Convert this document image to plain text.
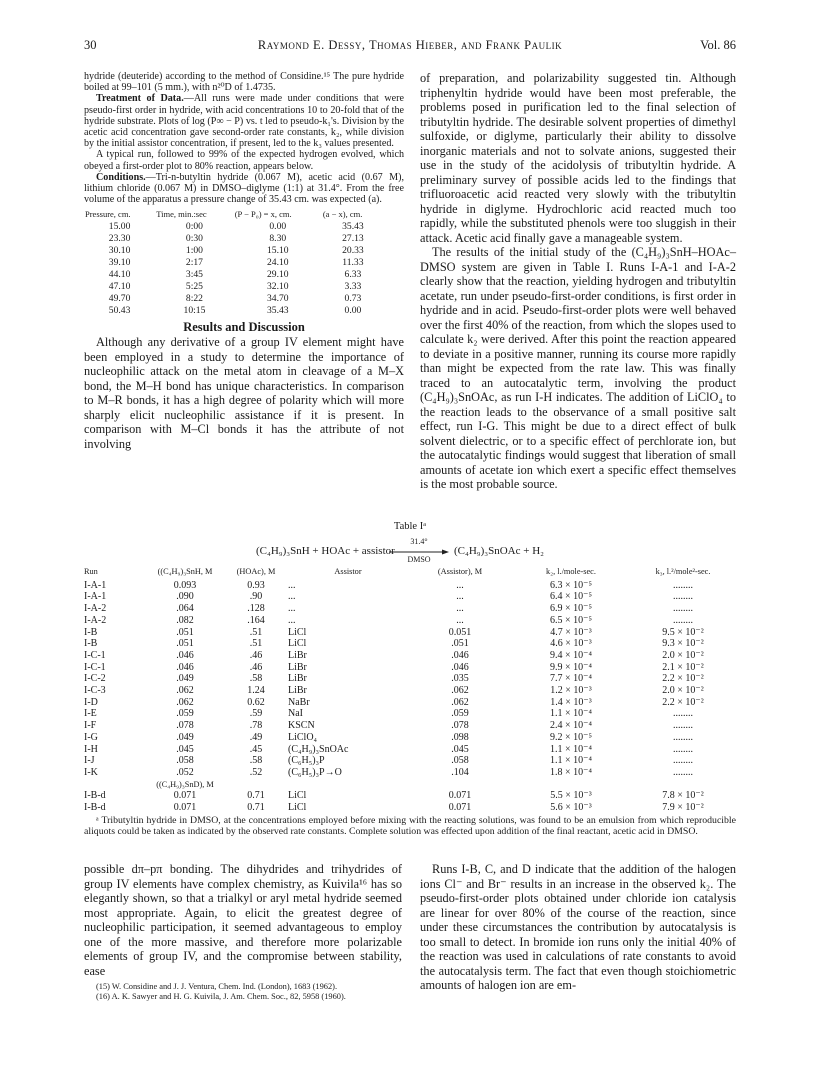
30	Raymond E. Dessy, Thomas Hieber, and Frank Paulik	Vol. 86

hydride (deuteride) according to the method of Considine.¹⁵ The pure hydride boiled at 99–101 (5 mm.), with n²⁰D of 1.4735.

Treatment of Data.—All runs were made under conditions that were pseudo-first order in hydride, with acid concentrations 10 to 20-fold that of the hydride substrate. Plots of log (P∞ − P) vs. t led to pseudo-k₁'s. Division by the acetic acid concentration gave second-order rate constants, k₂, while division by the initial assistor concentration, if present, led to the k₃ values presented.

A typical run, followed to 99% of the expected hydrogen evolved, which obeyed a first-order plot to 80% reaction, appears below.

Conditions.—Tri-n-butyltin hydride (0.067 M), acetic acid (0.67 M), lithium chloride (0.067 M) in DMSO–diglyme (1:1) at 31.4°. From the free volume of the apparatus a pressure change of 35.43 cm. was expected (a).

Pressure, cm.	Time, min.:sec	(P − P₀) = x, cm.	(a − x), cm.
15.00	0:00	0.00	35.43
23.30	0:30	8.30	27.13
30.10	1:00	15.10	20.33
39.10	2:17	24.10	11.33
44.10	3:45	29.10	6.33
47.10	5:25	32.10	3.33
49.70	8:22	34.70	0.73
50.43	10:15	35.43	0.00
Results and Discussion
Although any derivative of a group IV element might have been employed in a study to determine the importance of nucleophilic attack on the metal atom in cleavage of a M–X bond, the M–H bond has unique characteristics. In comparison to M–R bonds, it has a high degree of polarity which will more sharply elicit nucleophilic assistance if it is present. In comparison with M–Cl bonds it has the attribute of not involving

of preparation, and polarizability suggested tin. Although triphenyltin hydride would have been most preferable, the problems posed in purification led to the final selection of tributyltin hydride. The desirable solvent properties of dimethyl sulfoxide, or diglyme, particularly their ability to dissolve inorganic materials and not to solvate anions, suggested their use in the study of the acidolysis of tributyltin hydride. A preliminary survey of possible acids led to the findings that trifluoroacetic acid reacted very slowly with the tributyltin hydride in diglyme. Hydrochloric acid reacted much too rapidly, while the substituted phenols were too sluggish in their attack. Acetic acid finally gave a manageable system.

The results of the initial study of the (C₄H₉)₃SnH–HOAc–DMSO system are given in Table I. Runs I-A-1 and I-A-2 clearly show that the reaction, yielding hydrogen and tributyltin acetate, run under pseudo-first-order conditions, is first order in hydride and in acid. Pseudo-first-order plots were well behaved over the first 40% of the reaction, from which the slopes used to calculate k₂ were derived. After this point the reaction appeared to deviate in a positive manner, running its course more rapidly than might be expected from the rate law. This was finally traced to an autocatalytic term, involving the product (C₄H₉)₃SnOAc, as run I-H indicates. The addition of LiClO₄ to the reaction leads to the observance of a small positive salt effect, run I-G. This might be due to a direct effect of bulk solvent dielectric, or to a specific effect of perchlorate ion, but the autocatalytic findings would suggest that liberation of small amounts of acetate ion which exert a specific effect themselves is the most probable source.

Table Iᵃ
(C₄H₉)₃SnH + HOAc + assistor
31.4°
DMSO
(C₄H₉)₃SnOAc + H₂
Run	((C₄H₉)₃SnH, M	(HOAc), M	Assistor	(Assistor), M	k₂, l./mole-sec.	k₃, l.²/mole²-sec.
I-A-1	0.093	0.93	...	...	6.3 × 10⁻⁵	........
I-A-1	.090	.90	...	...	6.4 × 10⁻⁵	........
I-A-2	.064	.128	...	...	6.9 × 10⁻⁵	........
I-A-2	.082	.164	...	...	6.5 × 10⁻⁵	........
I-B	.051	.51	LiCl	0.051	4.7 × 10⁻³	9.5 × 10⁻²
I-B	.051	.51	LiCl	.051	4.6 × 10⁻³	9.3 × 10⁻²
I-C-1	.046	.46	LiBr	.046	9.4 × 10⁻⁴	2.0 × 10⁻²
I-C-1	.046	.46	LiBr	.046	9.9 × 10⁻⁴	2.1 × 10⁻²
I-C-2	.049	.58	LiBr	.035	7.7 × 10⁻⁴	2.2 × 10⁻²
I-C-3	.062	1.24	LiBr	.062	1.2 × 10⁻³	2.0 × 10⁻²
I-D	.062	0.62	NaBr	.062	1.4 × 10⁻³	2.2 × 10⁻²
I-E	.059	.59	NaI	.059	1.1 × 10⁻⁴	........
I-F	.078	.78	KSCN	.078	2.4 × 10⁻⁴	........
I-G	.049	.49	LiClO₄	.098	9.2 × 10⁻⁵	........
I-H	.045	.45	(C₄H₉)₃SnOAc	.045	1.1 × 10⁻⁴	........
I-J	.058	.58	(C₆H₅)₃P	.058	1.1 × 10⁻⁴	........
I-K	.052	.52	(C₆H₅)₃P→O	.104	1.8 × 10⁻⁴	........
	((C₄H₉)₃SnD), M					
I-B-d	0.071	0.71	LiCl	0.071	5.5 × 10⁻³	7.8 × 10⁻²
I-B-d	0.071	0.71	LiCl	0.071	5.6 × 10⁻³	7.9 × 10⁻²
ᵃ Tributyltin hydride in DMSO, at the concentrations employed before mixing with the reacting solutions, was found to be an emulsion from which reproducible aliquots could be taken as indicated by the observed rate constants. Complete solution was effected upon addition of the final reactant, acetic acid in DMSO.

possible dπ–pπ bonding. The dihydrides and trihydrides of group IV elements have complex chemistry, as Kuivila¹⁶ has so elegantly shown, so that a trialkyl or aryl metal hydride seemed most appropriate. Again, to elicit the greatest degree of nucleophilic participation, it seemed advantageous to employ one of the more massive, and therefore more polarizable elements of group IV, and the compromise between stability, ease

(15) W. Considine and J. J. Ventura, Chem. Ind. (London), 1683 (1962).
(16) A. K. Sawyer and H. G. Kuivila, J. Am. Chem. Soc., 82, 5958 (1960).

Runs I-B, C, and D indicate that the addition of the halogen ions Cl⁻ and Br⁻ results in an increase in the observed k₂. The pseudo-first-order plots obtained under chloride ion catalysis are linear for over 80% of the course of the reaction, since under these circumstances the contribution by autocatalysis is too small to detect. In bromide ion runs only the initial 40% of the reaction was used in calculations of rate constants to avoid the autocatalysis term. The fact that even though stoichiometric amounts of halogen ion are em-
